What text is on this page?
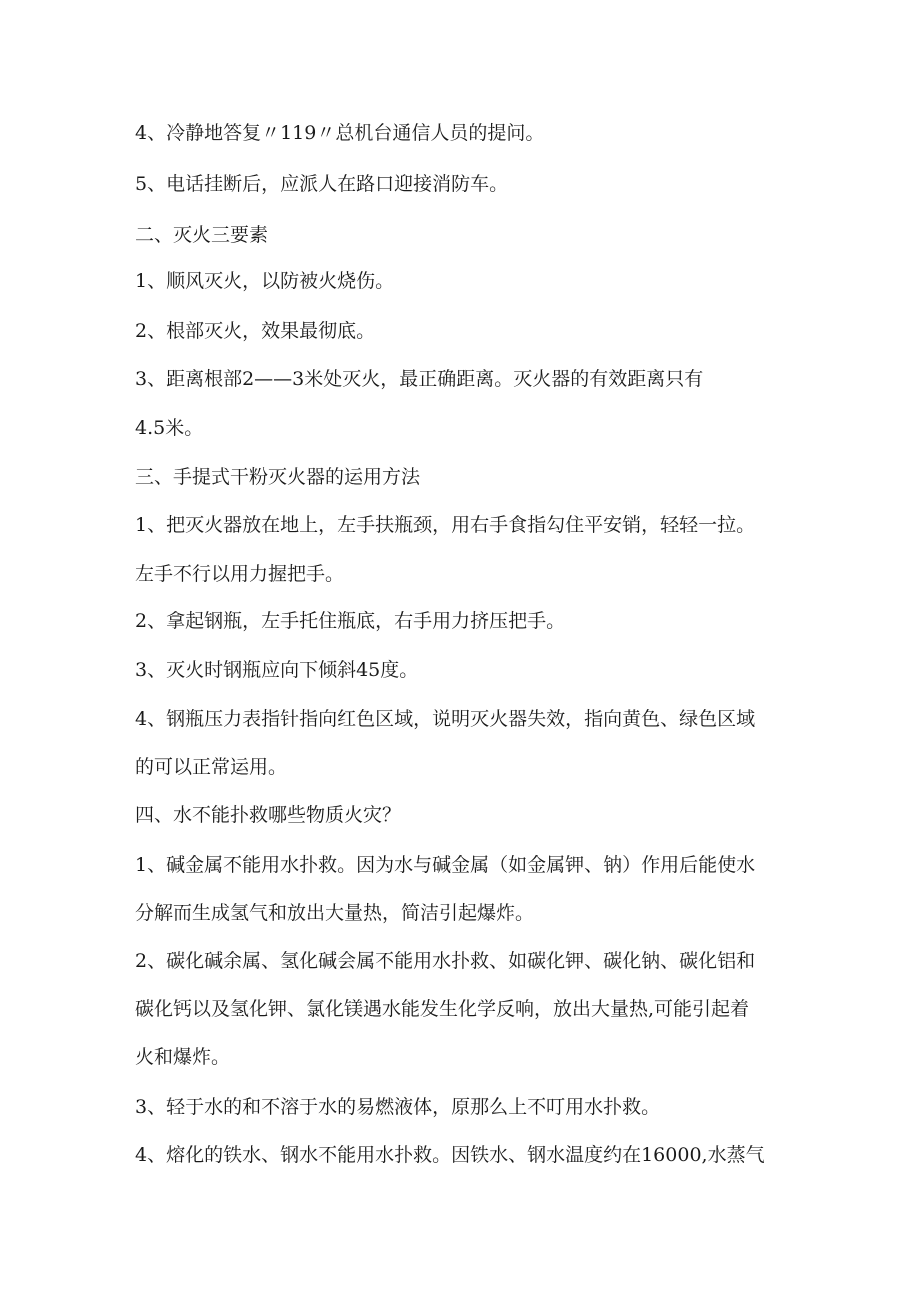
4、冷静地答复〃119〃总机台通信人员的提问。
5、电话挂断后，应派人在路口迎接消防车。
二、灭火三要素
1、顺风灭火，以防被火烧伤。
2、根部灭火，效果最彻底。
3、距离根部2——3米处灭火，最正确距离。灭火器的有效距离只有
4.5米。
三、手提式干粉灭火器的运用方法
1、把灭火器放在地上，左手扶瓶颈，用右手食指勾住平安销，轻轻一拉。
左手不行以用力握把手。
2、拿起钢瓶，左手托住瓶底，右手用力挤压把手。
3、灭火时钢瓶应向下倾斜45度。
4、钢瓶压力表指针指向红色区域，说明灭火器失效，指向黄色、绿色区域
的可以正常运用。
四、水不能扑救哪些物质火灾？
1、碱金属不能用水扑救。因为水与碱金属（如金属钾、钠）作用后能使水
分解而生成氢气和放出大量热，简洁引起爆炸。
2、碳化碱余属、氢化碱会属不能用水扑救、如碳化钾、碳化钠、碳化铝和
碳化钙以及氢化钾、氯化镁遇水能发生化学反响，放出大量热,可能引起着
火和爆炸。
3、轻于水的和不溶于水的易燃液体，原那么上不叮用水扑救。
4、熔化的铁水、钢水不能用水扑救。因铁水、钢水温度约在16000,水蒸气
